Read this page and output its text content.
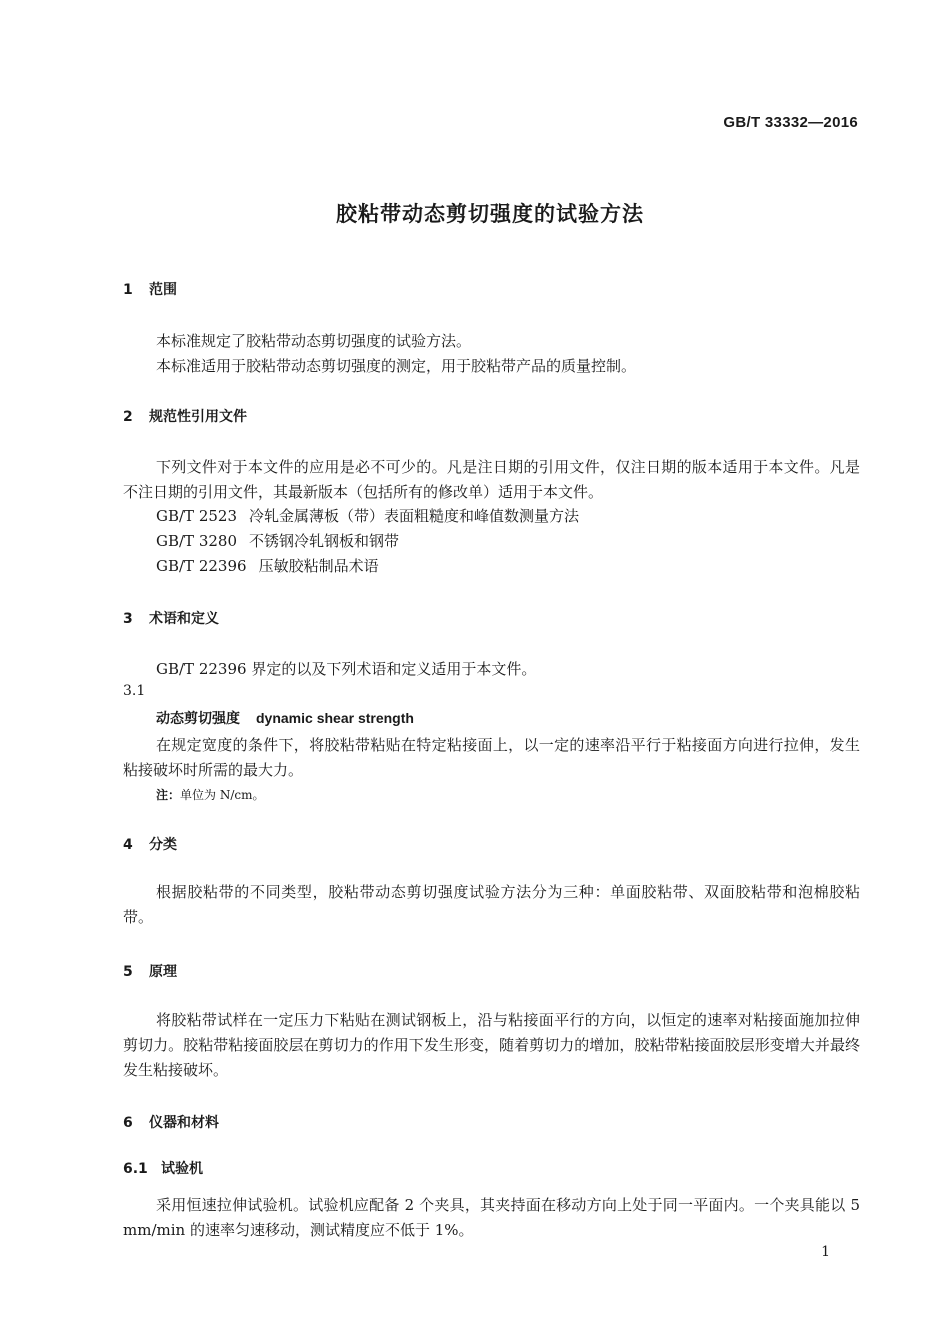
GB/T 33332—2016
胶粘带动态剪切强度的试验方法
1 范围
本标准规定了胶粘带动态剪切强度的试验方法。
本标准适用于胶粘带动态剪切强度的测定，用于胶粘带产品的质量控制。
2 规范性引用文件
下列文件对于本文件的应用是必不可少的。凡是注日期的引用文件，仅注日期的版本适用于本文件。凡是不注日期的引用文件，其最新版本（包括所有的修改单）适用于本文件。
GB/T 2523 冷轧金属薄板（带）表面粗糙度和峰值数测量方法
GB/T 3280 不锈钢冷轧钢板和钢带
GB/T 22396 压敏胶粘制品术语
3 术语和定义
GB/T 22396 界定的以及下列术语和定义适用于本文件。
3.1
动态剪切强度 dynamic shear strength
在规定宽度的条件下，将胶粘带粘贴在特定粘接面上，以一定的速率沿平行于粘接面方向进行拉伸，发生粘接破坏时所需的最大力。
注：单位为 N/cm。
4 分类
根据胶粘带的不同类型，胶粘带动态剪切强度试验方法分为三种：单面胶粘带、双面胶粘带和泡棉胶粘带。
5 原理
将胶粘带试样在一定压力下粘贴在测试钢板上，沿与粘接面平行的方向，以恒定的速率对粘接面施加拉伸剪切力。胶粘带粘接面胶层在剪切力的作用下发生形变，随着剪切力的增加，胶粘带粘接面胶层形变增大并最终发生粘接破坏。
6 仪器和材料
6.1 试验机
采用恒速拉伸试验机。试验机应配备 2 个夹具，其夹持面在移动方向上处于同一平面内。一个夹具能以 5 mm/min 的速率匀速移动，测试精度应不低于 1%。
1
